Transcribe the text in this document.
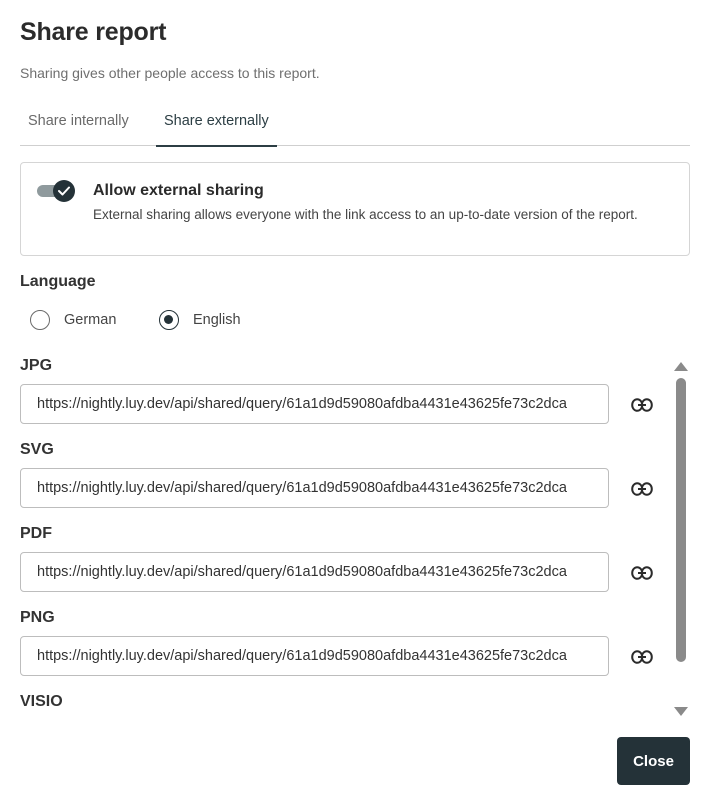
Share report

Sharing gives other people access to this report.

Share internally	Share externally
Allow external sharing
External sharing allows everyone with the link access to an up-to-date version of the report.
Language
German	English
JPG
https://nightly.luy.dev/api/shared/query/61a1d9d59080afdba4431e43625fe73c2dca
SVG
https://nightly.luy.dev/api/shared/query/61a1d9d59080afdba4431e43625fe73c2dca
PDF
https://nightly.luy.dev/api/shared/query/61a1d9d59080afdba4431e43625fe73c2dca
PNG
https://nightly.luy.dev/api/shared/query/61a1d9d59080afdba4431e43625fe73c2dca
VISIO
Close
